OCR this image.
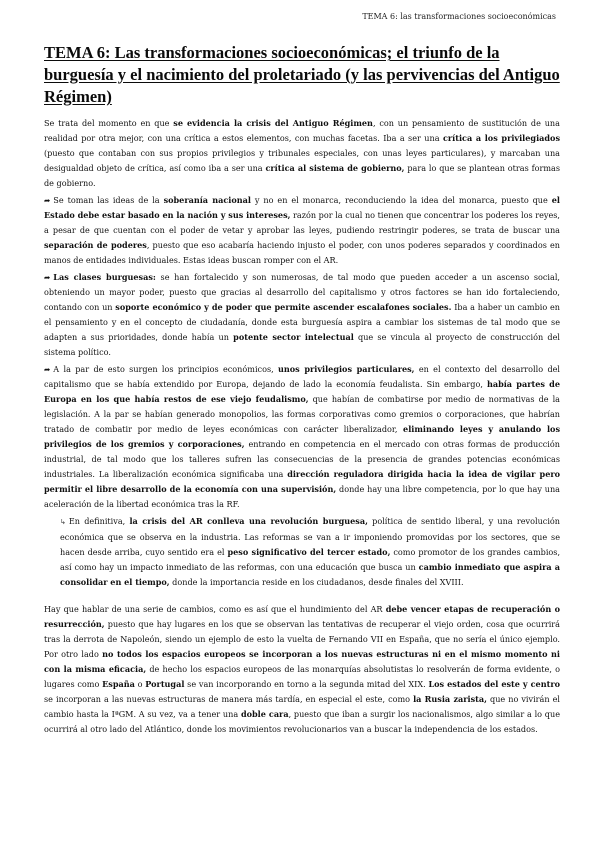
TEMA 6: las transformaciones socioeconómicas
TEMA 6: Las transformaciones socioeconómicas; el triunfo de la burguesía y el nacimiento del proletariado (y las pervivencias del Antiguo Régimen)

Se trata del momento en que se evidencia la crisis del Antiguo Régimen, con un pensamiento de sustitución de una realidad por otra mejor, con una crítica a estos elementos, con muchas facetas. Iba a ser una crítica a los privilegiados (puesto que contaban con sus propios privilegios y tribunales especiales, con unas leyes particulares), y marcaban una desigualdad objeto de crítica, así como iba a ser una crítica al sistema de gobierno, para lo que se plantean otras formas de gobierno.

➦ Se toman las ideas de la soberanía nacional y no en el monarca, reconduciendo la idea del monarca, puesto que el Estado debe estar basado en la nación y sus intereses, razón por la cual no tienen que concentrar los poderes los reyes, a pesar de que cuentan con el poder de vetar y aprobar las leyes, pudiendo restringir poderes, se trata de buscar una separación de poderes, puesto que eso acabaría haciendo injusto el poder, con unos poderes separados y coordinados en manos de entidades individuales. Estas ideas buscan romper con el AR.

➦ Las clases burguesas: se han fortalecido y son numerosas, de tal modo que pueden acceder a un ascenso social, obteniendo un mayor poder, puesto que gracias al desarrollo del capitalismo y otros factores se han ido fortaleciendo, contando con un soporte económico y de poder que permite ascender escalafones sociales. Iba a haber un cambio en el pensamiento y en el concepto de ciudadanía, donde esta burguesía aspira a cambiar los sistemas de tal modo que se adapten a sus prioridades, donde había un potente sector intelectual que se vincula al proyecto de construcción del sistema político.

➦ A la par de esto surgen los principios económicos, unos privilegios particulares, en el contexto del desarrollo del capitalismo que se había extendido por Europa, dejando de lado la economía feudalista. Sin embargo, había partes de Europa en los que había restos de ese viejo feudalismo, que habían de combatirse por medio de normativas de la legislación. A la par se habían generado monopolios, las formas corporativas como gremios o corporaciones, que habrían tratado de combatir por medio de leyes económicas con carácter liberalizador, eliminando leyes y anulando los privilegios de los gremios y corporaciones, entrando en competencia en el mercado con otras formas de producción industrial, de tal modo que los talleres sufren las consecuencias de la presencia de grandes potencias económicas industriales. La liberalización económica significaba una dirección reguladora dirigida hacia la idea de vigilar pero permitir el libre desarrollo de la economía con una supervisión, donde hay una libre competencia, por lo que hay una aceleración de la libertad económica tras la RF.

↳ En definitiva, la crisis del AR conlleva una revolución burguesa, política de sentido liberal, y una revolución económica que se observa en la industria. Las reformas se van a ir imponiendo promovidas por los sectores, que se hacen desde arriba, cuyo sentido era el peso significativo del tercer estado, como promotor de los grandes cambios, así como hay un impacto inmediato de las reformas, con una educación que busca un cambio inmediato que aspira a consolidar en el tiempo, donde la importancia reside en los ciudadanos, desde finales del XVIII.

Hay que hablar de una serie de cambios, como es así que el hundimiento del AR debe vencer etapas de recuperación o resurrección, puesto que hay lugares en los que se observan las tentativas de recuperar el viejo orden, cosa que ocurrirá tras la derrota de Napoleón, siendo un ejemplo de esto la vuelta de Fernando VII en España, que no sería el único ejemplo. Por otro lado no todos los espacios europeos se incorporan a los nuevas estructuras ni en el mismo momento ni con la misma eficacia, de hecho los espacios europeos de las monarquías absolutistas lo resolverán de forma evidente, o lugares como España o Portugal se van incorporando en torno a la segunda mitad del XIX. Los estados del este y centro se incorporan a las nuevas estructuras de manera más tardía, en especial el este, como la Rusia zarista, que no vivirán el cambio hasta la IªGM. A su vez, va a tener una doble cara, puesto que iban a surgir los nacionalismos, algo similar a lo que ocurrirá al otro lado del Atlántico, donde los movimientos revolucionarios van a buscar la independencia de los estados.
